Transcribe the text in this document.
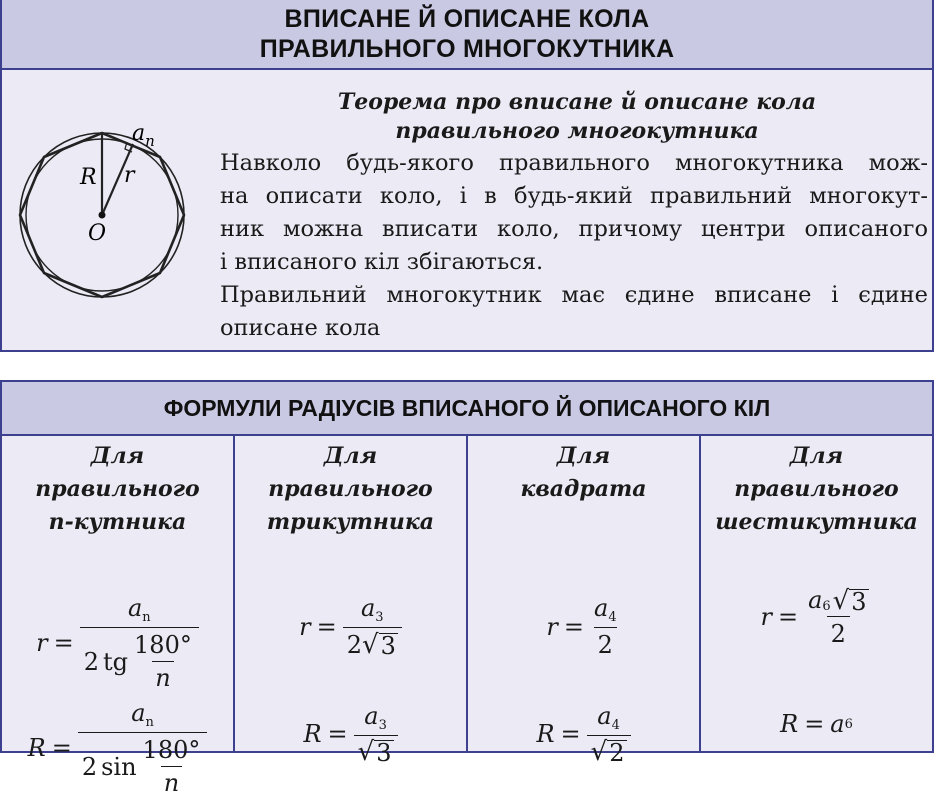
ВПИСАНЕ Й ОПИСАНЕ КОЛА
ПРАВИЛЬНОГО МНОГОКУТНИКА
$a_n$
R r
O
Теорема про вписане й описане кола
правильного многокутника
Навколо будь-якого правильного многокутника мож-
на описати коло, і в будь-який правильний многокут-
ник можна вписати коло, причому центри описаного
і вписаного кіл збігаються.
Правильний многокутник має єдине вписане і єдине
описане кола
ФОРМУЛИ РАДІУСІВ ВПИСАНОГО Й ОПИСАНОГО КІЛ
Для
правильного
n-кутника
$r = \frac{a_n}{2 tg \frac{180^\circ}{n}}$
$R = \frac{a_n}{2 \sin \frac{180^\circ}{n}}$
Для
правильного
трикутника
$r = \frac{a_3}{2 √ 3}$
$R = \frac{a_3}{√ 3}$
Для
квадрата
$r = \frac{a_4}{2}$
$R = \frac{a_4}{√ 2}$
Для
правильного
шестикутника
$r = \frac{a 6 √ 3}{2}$
R = a 6
